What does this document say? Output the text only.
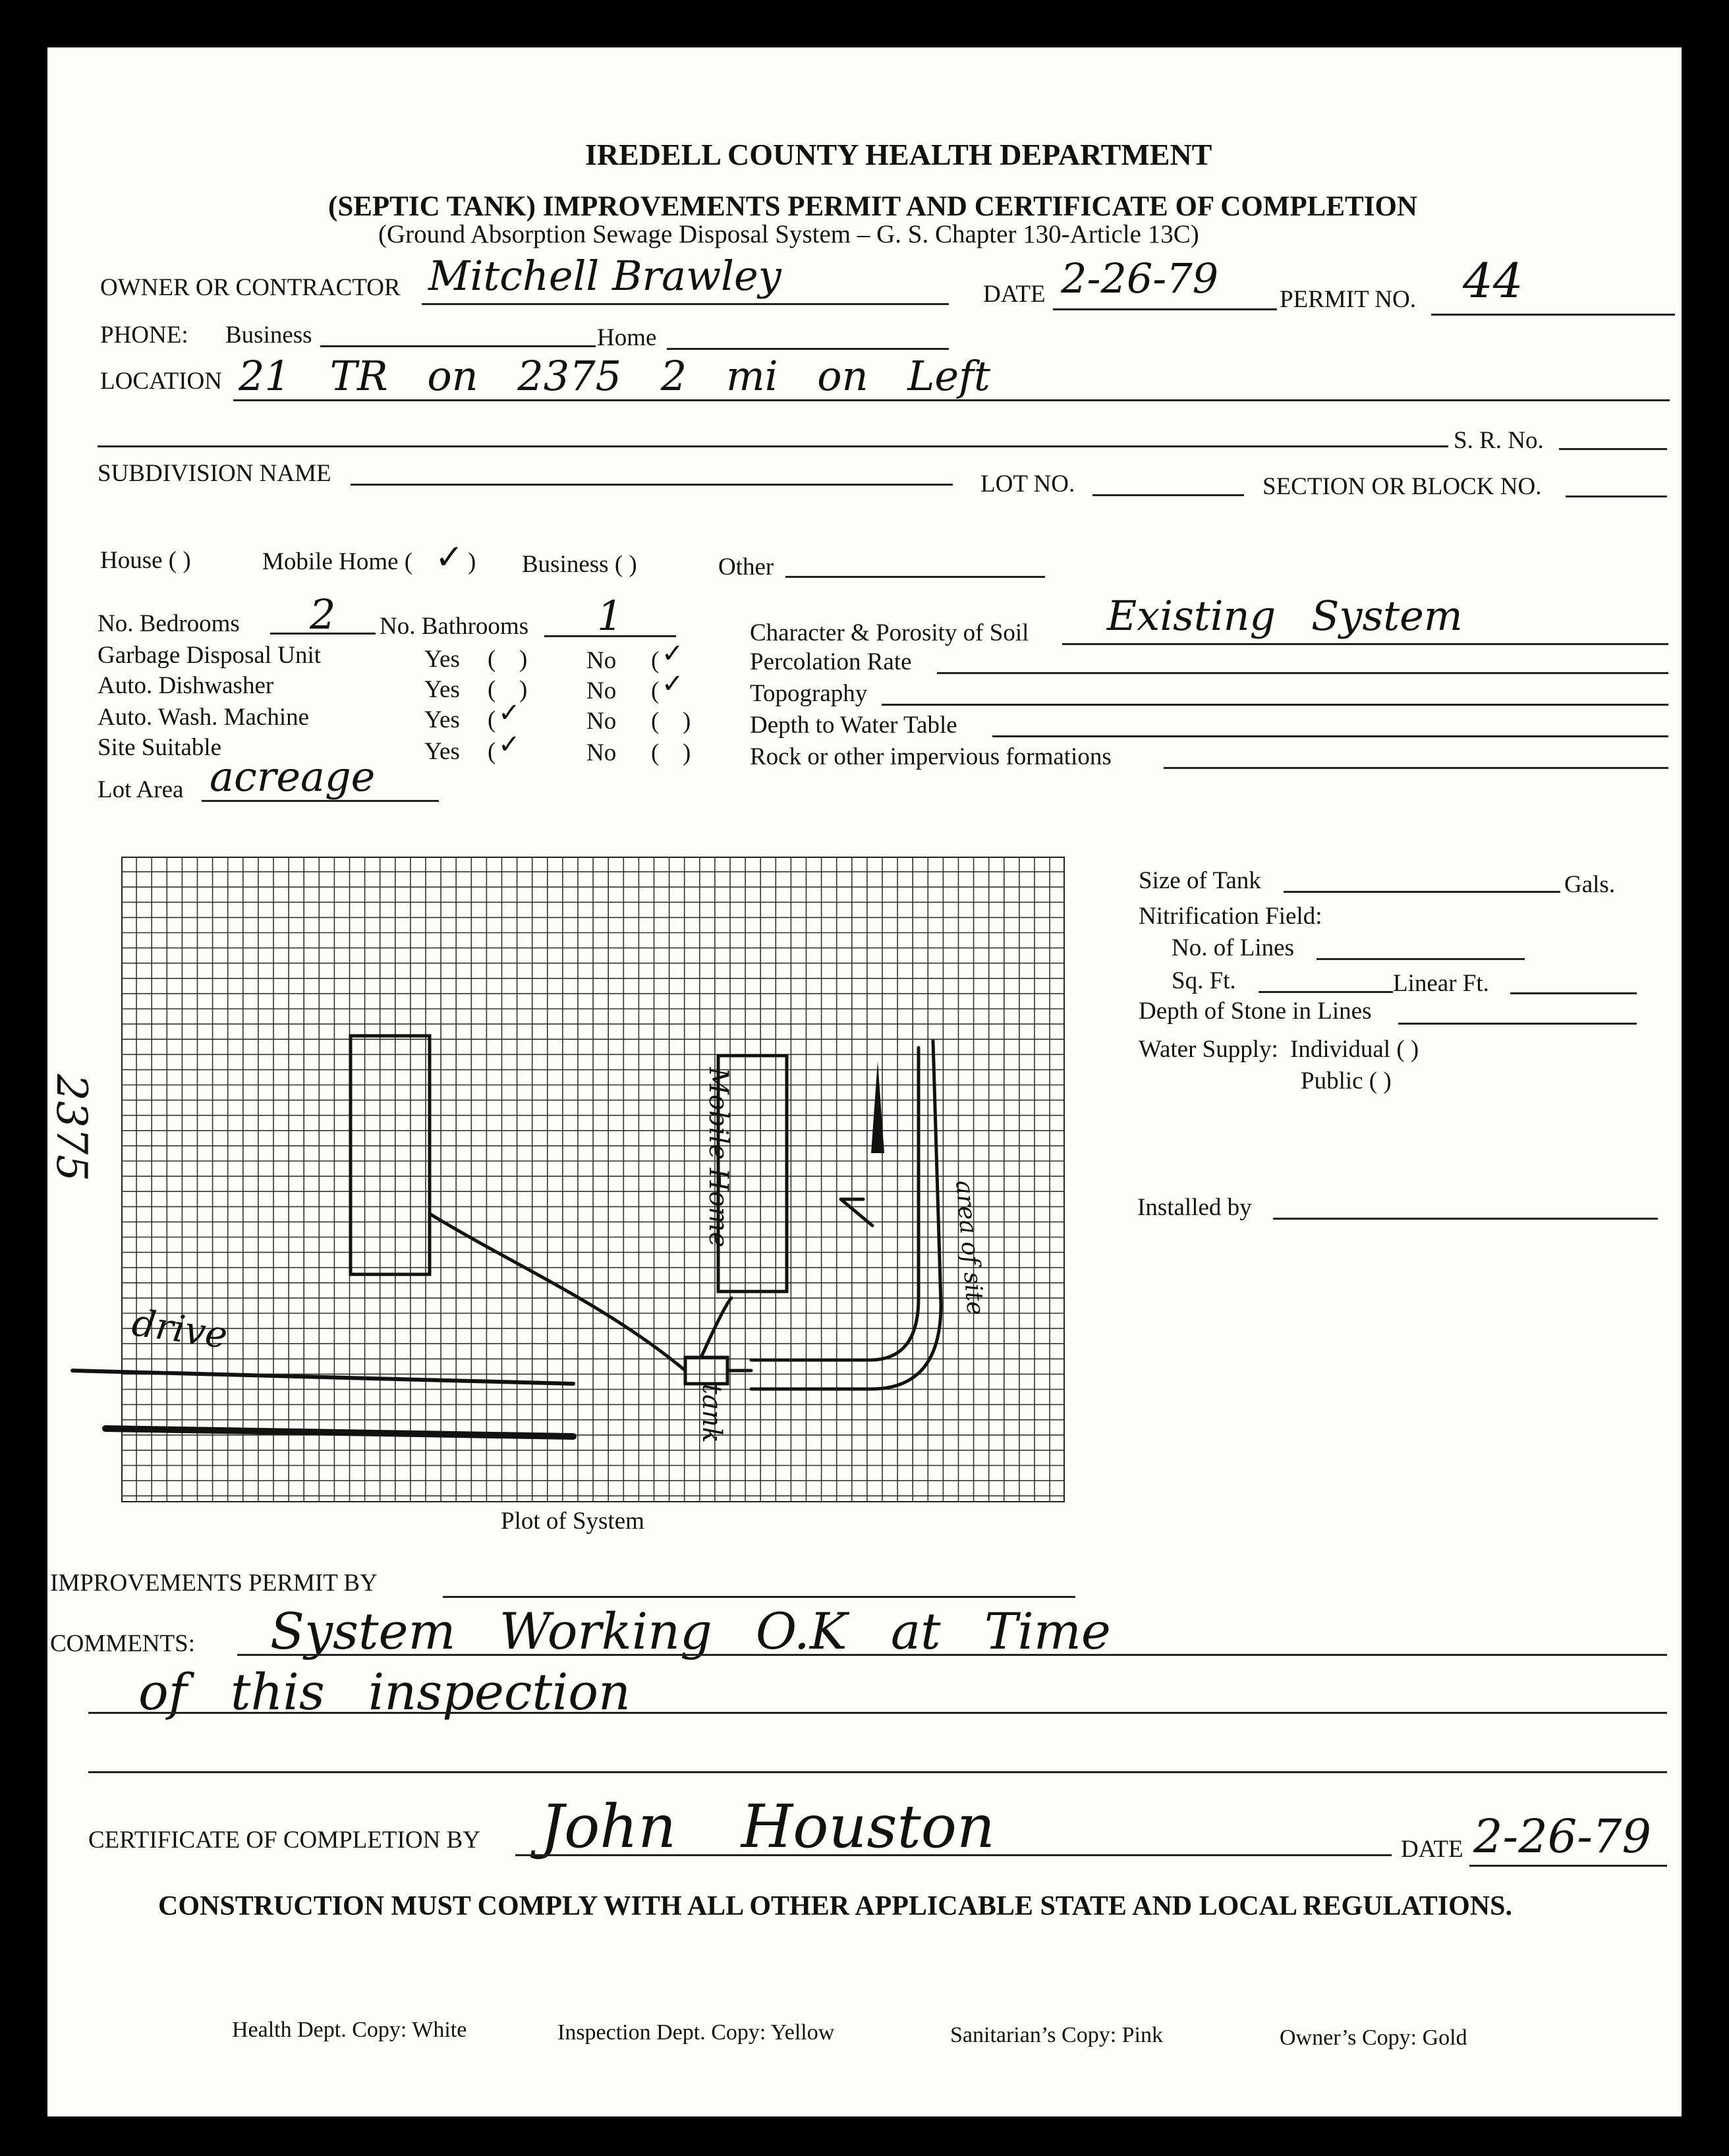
IREDELL COUNTY HEALTH DEPARTMENT
(SEPTIC TANK) IMPROVEMENTS PERMIT AND CERTIFICATE OF COMPLETION
(Ground Absorption Sewage Disposal System – G. S. Chapter 130-Article 13C)
OWNER OR CONTRACTOR Mitchell Brawley	DATE 2-26-79	PERMIT NO. 44
PHONE: Business	Home
LOCATION 21 TR on 2375 2 mi on Left
S. R. No.
SUBDIVISION NAME	LOT NO.	SECTION OR BLOCK NO.
House ( )	Mobile Home ( ✓ ) Business ( )	Other
No. Bedrooms 2 No. Bathrooms 1
Garbage Disposal Unit	Yes ( ) No ( ✓
Auto. Dishwasher	Yes ( ) No ( ✓
Auto. Wash. Machine	Yes ( ✓	No ( )
Site Suitable	Yes ( ✓	No ( )
Lot Area acreage
Character & Porosity of Soil Existing System
Percolation Rate
Topography
Depth to Water Table
Rock or other impervious formations
Size of Tank	Gals.
Nitrification Field:
No. of Lines
Sq. Ft.	Linear Ft.
Depth of Stone in Lines
Water Supply: Individual ( )
Public ( )
Installed by
drive
2375	Mobile Home
tank
area of site
Plot of System
IMPROVEMENTS PERMIT BY
COMMENTS: System Working O.K at Time
of this inspection
CERTIFICATE OF COMPLETION BY John Houston	DATE 2-26-79
CONSTRUCTION MUST COMPLY WITH ALL OTHER APPLICABLE STATE AND LOCAL REGULATIONS.
Health Dept. Copy: White	Inspection Dept. Copy: Yellow	Sanitarian’s Copy: Pink	Owner’s Copy: Gold
